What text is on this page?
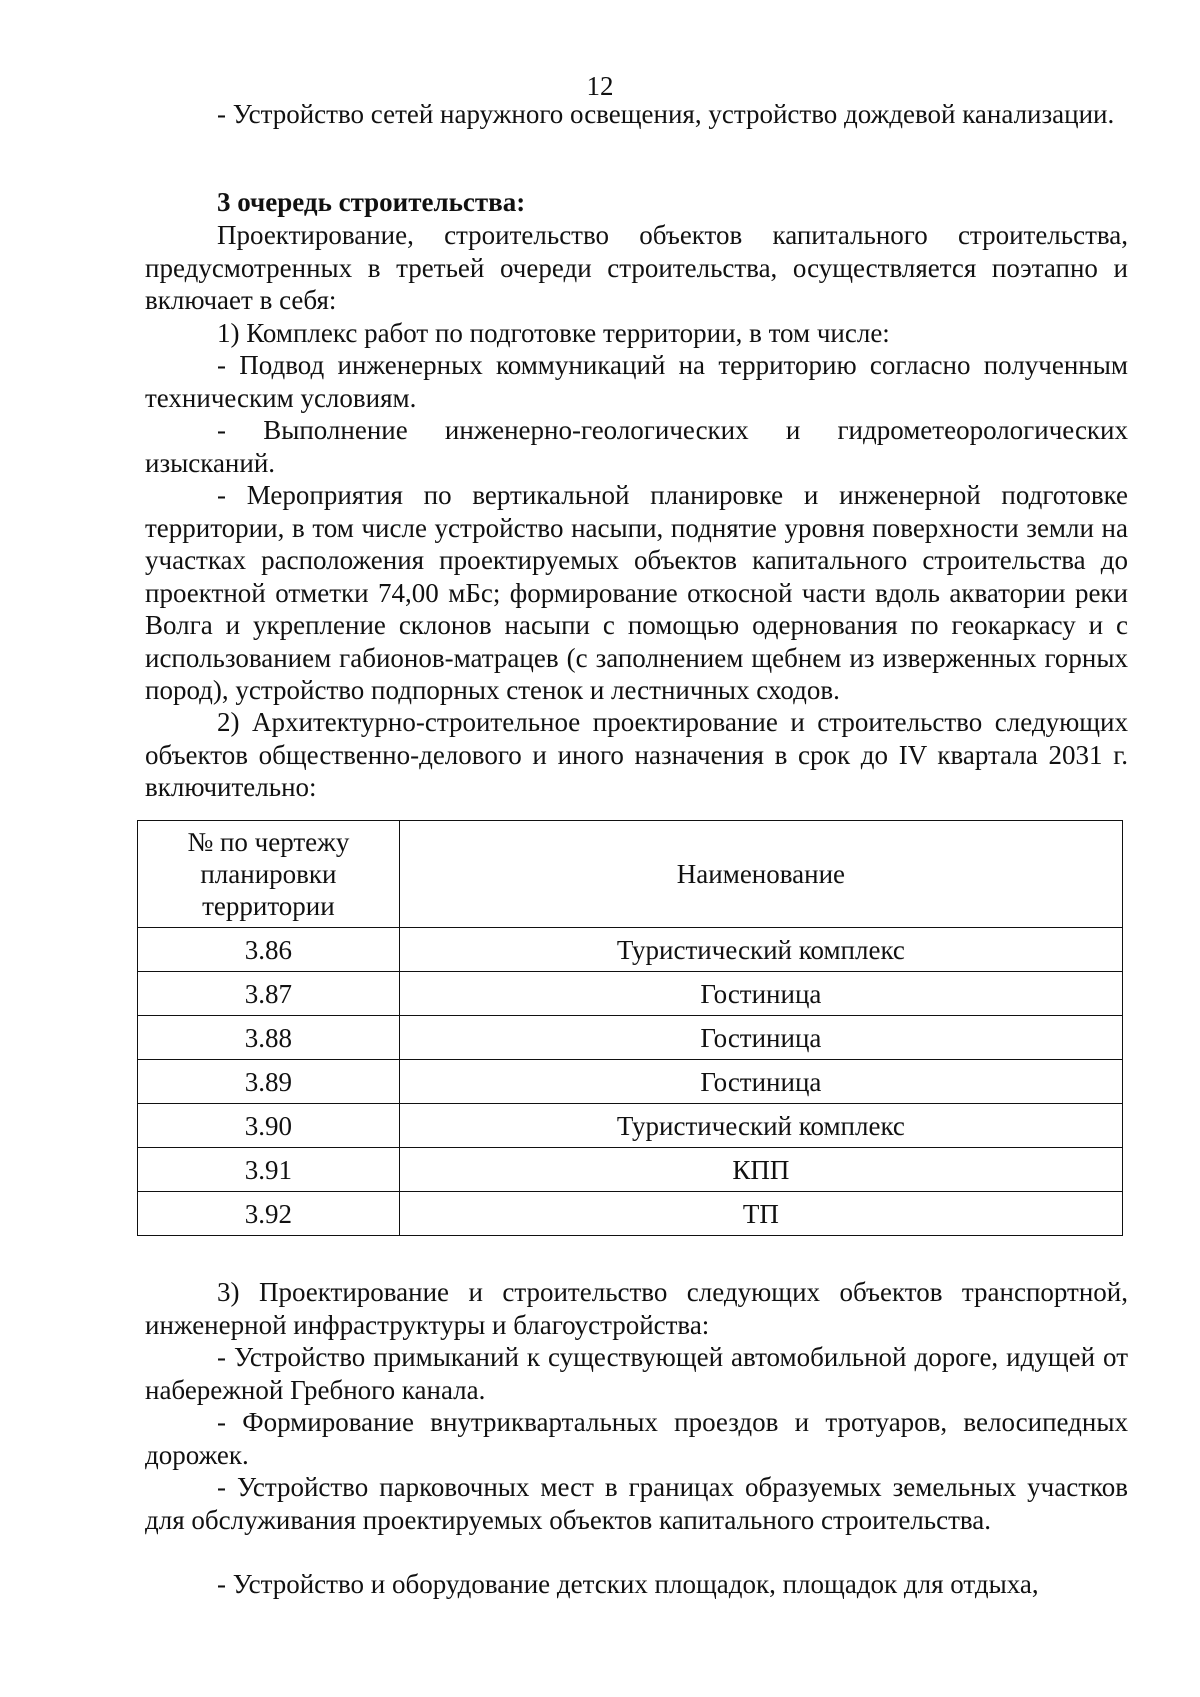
12
- Устройство сетей наружного освещения, устройство дождевой канализации.
3 очередь строительства:
Проектирование, строительство объектов капитального строительства, предусмотренных в третьей очереди строительства, осуществляется поэтапно и включает в себя:
1) Комплекс работ по подготовке территории, в том числе:
- Подвод инженерных коммуникаций на территорию согласно полученным техническим условиям.
- Выполнение инженерно-геологических и гидрометеорологических изысканий.
- Мероприятия по вертикальной планировке и инженерной подготовке территории, в том числе устройство насыпи, поднятие уровня поверхности земли на участках расположения проектируемых объектов капитального строительства до проектной отметки 74,00 мБс; формирование откосной части вдоль акватории реки Волга и укрепление склонов насыпи с помощью одернования по геокаркасу и с использованием габионов-матрацев (с заполнением щебнем из изверженных горных пород), устройство подпорных стенок и лестничных сходов.
2) Архитектурно-строительное проектирование и строительство следующих объектов общественно-делового и иного назначения в срок до IV квартала 2031 г. включительно:
3) Проектирование и строительство следующих объектов транспортной, инженерной инфраструктуры и благоустройства:
- Устройство примыканий к существующей автомобильной дороге, идущей от набережной Гребного канала.
- Формирование внутриквартальных проездов и тротуаров, велосипедных дорожек.
- Устройство парковочных мест в границах образуемых земельных участков для обслуживания проектируемых объектов капитального строительства.
- Устройство и оборудование детских площадок, площадок для отдыха,
№ по чертежу планировки территории	Наименование
3.86	Туристический комплекс
3.87	Гостиница
3.88	Гостиница
3.89	Гостиница
3.90	Туристический комплекс
3.91	КПП
3.92	ТП
